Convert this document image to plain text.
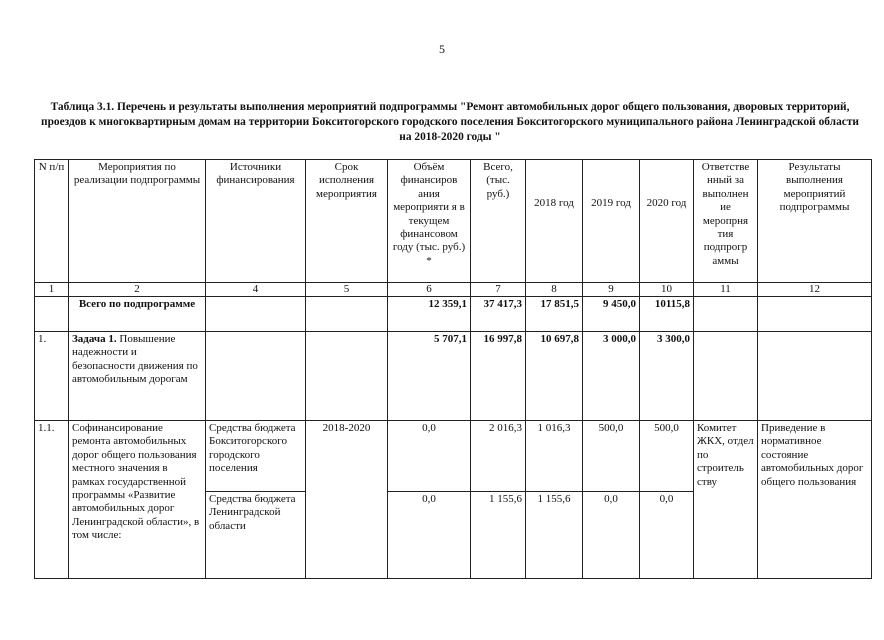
5
Таблица 3.1. Перечень и результаты выполнения мероприятий подпрограммы "Ремонт автомобильных дорог общего пользования, дворовых территорий, проездов к многоквартирным домам на территории Бокситогорского городского поселения Бокситогорского муниципального района Ленинградской области на 2018-2020 годы "
N п/п	Мероприятия по реализации подпрограммы	Источники финансирования	Срок исполнения мероприятия	Объём финансиров ания мероприяти я в текущем финансовом году (тыс. руб.) *	Всего, (тыс. руб.)	2018 год	2019 год	2020 год	Ответстве нный за выполнен ие меропрня тия подпрогр аммы	Результаты выполнения мероприятий подпрограммы
1	2	4	5	6	7	8	9	10	11	12
	Всего по подпрограмме			12 359,1	37 417,3	17 851,5	9 450,0	10115,8		
1.	Задача 1. Повышение надежности и безопасности движения по автомобильным дорогам			5 707,1	16 997,8	10 697,8	3 000,0	3 300,0		
1.1.	Софинансирование ремонта автомобильных дорог общего пользования местного значения в рамках государственной программы «Развитие автомобильных дорог Ленинградской области», в том числе:	Средства бюджета Бокситогорского городского поселения	2018-2020	0,0	2 016,3	1 016,3	500,0	500,0	Комитет ЖКХ, отдел по строитель ству	Приведение в нормативное состояние автомобильных дорог общего пользования
		Средства бюджета Ленинградской области		0,0	1 155,6	1 155,6	0,0	0,0		
